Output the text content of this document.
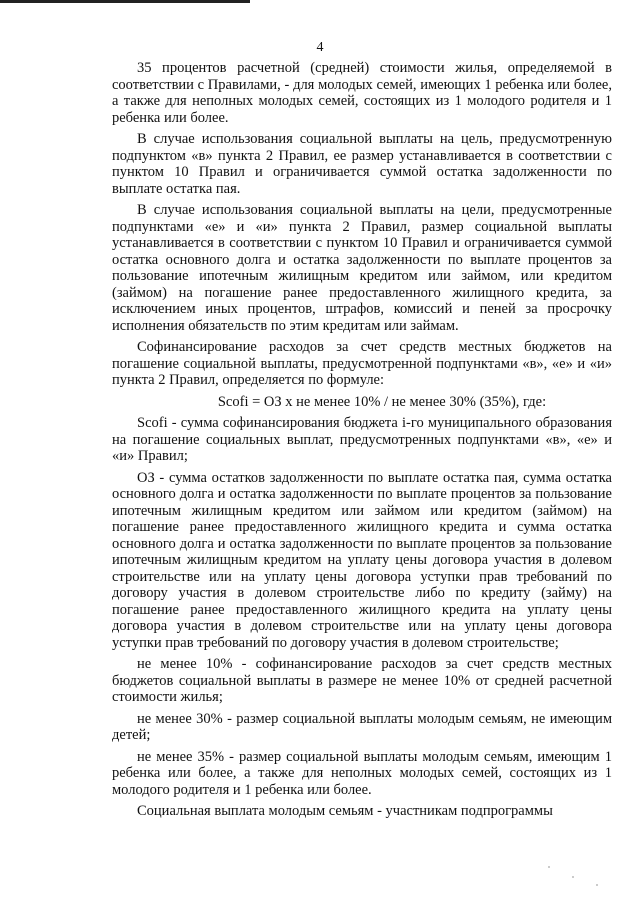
4

35 процентов расчетной (средней) стоимости жилья, определяемой в соответствии с Правилами, - для молодых семей, имеющих 1 ребенка или более, а также для неполных молодых семей, состоящих из 1 молодого родителя и 1 ребенка или более.

В случае использования социальной выплаты на цель, предусмотренную подпунктом «в» пункта 2 Правил, ее размер устанавливается в соответствии с пунктом 10 Правил и ограничивается суммой остатка задолженности по выплате остатка пая.

В случае использования социальной выплаты на цели, предусмотренные подпунктами «е» и «и» пункта 2 Правил, размер социальной выплаты устанавливается в соответствии с пунктом 10 Правил и ограничивается суммой остатка основного долга и остатка задолженности по выплате процентов за пользование ипотечным жилищным кредитом или займом, или кредитом (займом) на погашение ранее предоставленного жилищного кредита, за исключением иных процентов, штрафов, комиссий и пеней за просрочку исполнения обязательств по этим кредитам или займам.

Софинансирование расходов за счет средств местных бюджетов на погашение социальной выплаты, предусмотренной подпунктами «в», «е» и «и» пункта 2 Правил, определяется по формуле:

Scofi = ОЗ х не менее 10% / не менее 30% (35%), где:

Scofi - сумма софинансирования бюджета i-го муниципального образования на погашение социальных выплат, предусмотренных подпунктами «в», «е» и «и» Правил;

ОЗ - сумма остатков задолженности по выплате остатка пая, сумма остатка основного долга и остатка задолженности по выплате процентов за пользование ипотечным жилищным кредитом или займом или кредитом (займом) на погашение ранее предоставленного жилищного кредита и сумма остатка основного долга и остатка задолженности по выплате процентов за пользование ипотечным жилищным кредитом на уплату цены договора участия в долевом строительстве или на уплату цены договора уступки прав требований по договору участия в долевом строительстве либо по кредиту (займу) на погашение ранее предоставленного жилищного кредита на уплату цены договора участия в долевом строительстве или на уплату цены договора уступки прав требований по договору участия в долевом строительстве;

не менее 10% - софинансирование расходов за счет средств местных бюджетов социальной выплаты в размере не менее 10% от средней расчетной стоимости жилья;

не менее 30% - размер социальной выплаты молодым семьям, не имеющим детей;

не менее 35% - размер социальной выплаты молодым семьям, имеющим 1 ребенка или более, а также для неполных молодых семей, состоящих из 1 молодого родителя и 1 ребенка или более.

Социальная выплата молодым семьям - участникам подпрограммы
